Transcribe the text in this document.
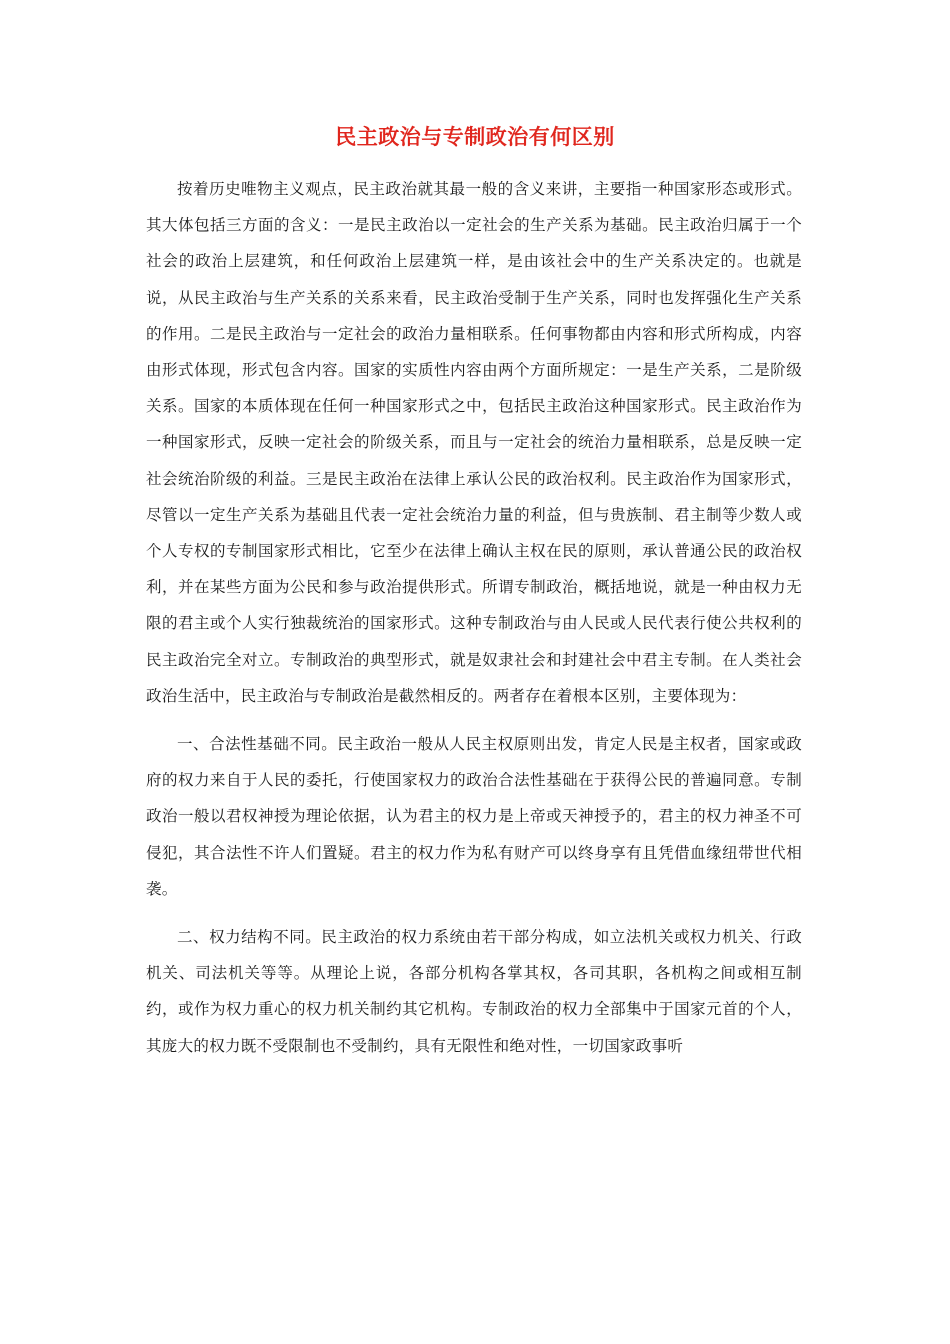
民主政治与专制政治有何区别

按着历史唯物主义观点，民主政治就其最一般的含义来讲，主要指一种国家形态或形式。其大体包括三方面的含义：一是民主政治以一定社会的生产关系为基础。民主政治归属于一个社会的政治上层建筑，和任何政治上层建筑一样，是由该社会中的生产关系决定的。也就是说，从民主政治与生产关系的关系来看，民主政治受制于生产关系，同时也发挥强化生产关系的作用。二是民主政治与一定社会的政治力量相联系。任何事物都由内容和形式所构成，内容由形式体现，形式包含内容。国家的实质性内容由两个方面所规定：一是生产关系，二是阶级关系。国家的本质体现在任何一种国家形式之中，包括民主政治这种国家形式。民主政治作为一种国家形式，反映一定社会的阶级关系，而且与一定社会的统治力量相联系，总是反映一定社会统治阶级的利益。三是民主政治在法律上承认公民的政治权利。民主政治作为国家形式，尽管以一定生产关系为基础且代表一定社会统治力量的利益，但与贵族制、君主制等少数人或个人专权的专制国家形式相比，它至少在法律上确认主权在民的原则，承认普通公民的政治权利，并在某些方面为公民和参与政治提供形式。所谓专制政治，概括地说，就是一种由权力无限的君主或个人实行独裁统治的国家形式。这种专制政治与由人民或人民代表行使公共权利的民主政治完全对立。专制政治的典型形式，就是奴隶社会和封建社会中君主专制。在人类社会政治生活中，民主政治与专制政治是截然相反的。两者存在着根本区别，主要体现为：

一、合法性基础不同。民主政治一般从人民主权原则出发，肯定人民是主权者，国家或政府的权力来自于人民的委托，行使国家权力的政治合法性基础在于获得公民的普遍同意。专制政治一般以君权神授为理论依据，认为君主的权力是上帝或天神授予的，君主的权力神圣不可侵犯，其合法性不许人们置疑。君主的权力作为私有财产可以终身享有且凭借血缘纽带世代相袭。

二、权力结构不同。民主政治的权力系统由若干部分构成，如立法机关或权力机关、行政机关、司法机关等等。从理论上说，各部分机构各掌其权，各司其职，各机构之间或相互制约，或作为权力重心的权力机关制约其它机构。专制政治的权力全部集中于国家元首的个人，其庞大的权力既不受限制也不受制约，具有无限性和绝对性，一切国家政事听
